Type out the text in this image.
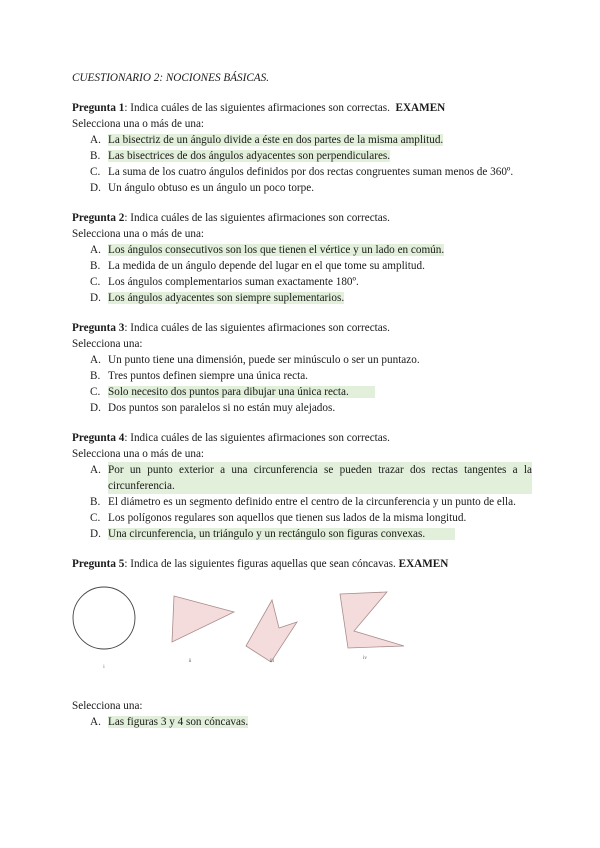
CUESTIONARIO 2: NOCIONES BÁSICAS.
Pregunta 1: Indica cuáles de las siguientes afirmaciones son correctas. EXAMEN
Selecciona una o más de una:
A. La bisectriz de un ángulo divide a éste en dos partes de la misma amplitud.
B. Las bisectrices de dos ángulos adyacentes son perpendiculares.
C. La suma de los cuatro ángulos definidos por dos rectas congruentes suman menos de 360º.
D. Un ángulo obtuso es un ángulo un poco torpe.
Pregunta 2: Indica cuáles de las siguientes afirmaciones son correctas.
Selecciona una o más de una:
A. Los ángulos consecutivos son los que tienen el vértice y un lado en común.
B. La medida de un ángulo depende del lugar en el que tome su amplitud.
C. Los ángulos complementarios suman exactamente 180º.
D. Los ángulos adyacentes son siempre suplementarios.
Pregunta 3: Indica cuáles de las siguientes afirmaciones son correctas.
Selecciona una:
A. Un punto tiene una dimensión, puede ser minúsculo o ser un puntazo.
B. Tres puntos definen siempre una única recta.
C. Solo necesito dos puntos para dibujar una única recta.
D. Dos puntos son paralelos si no están muy alejados.
Pregunta 4: Indica cuáles de las siguientes afirmaciones son correctas.
Selecciona una o más de una:
A. Por un punto exterior a una circunferencia se pueden trazar dos rectas tangentes a la circunferencia.
B. El diámetro es un segmento definido entre el centro de la circunferencia y un punto de ella.
C. Los polígonos regulares son aquellos que tienen sus lados de la misma longitud.
D. Una circunferencia, un triángulo y un rectángulo son figuras convexas.
Pregunta 5: Indica de las siguientes figuras aquellas que sean cóncavas. EXAMEN
i
ii	iii
iv
Selecciona una:
A. Las figuras 3 y 4 son cóncavas.
